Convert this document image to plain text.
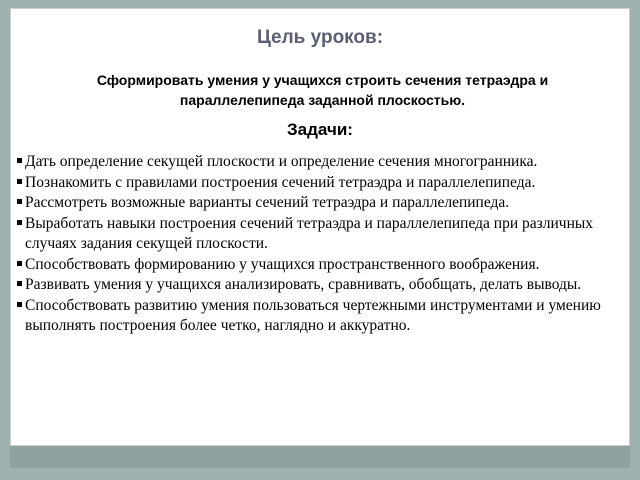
Цель уроков:
Сформировать умения у учащихся строить сечения тетраэдра и параллелепипеда заданной плоскостью.
Задачи:
Дать определение секущей плоскости и определение сечения многогранника.
Познакомить с правилами построения сечений тетраэдра и параллелепипеда.
Рассмотреть возможные варианты сечений тетраэдра и параллелепипеда.
Выработать навыки построения сечений тетраэдра и параллелепипеда при различных случаях задания секущей плоскости.
Способствовать формированию у учащихся пространственного воображения.
Развивать умения у учащихся анализировать, сравнивать, обобщать, делать выводы.
Способствовать развитию умения пользоваться чертежными инструментами и умению выполнять построения более четко, наглядно и аккуратно.
